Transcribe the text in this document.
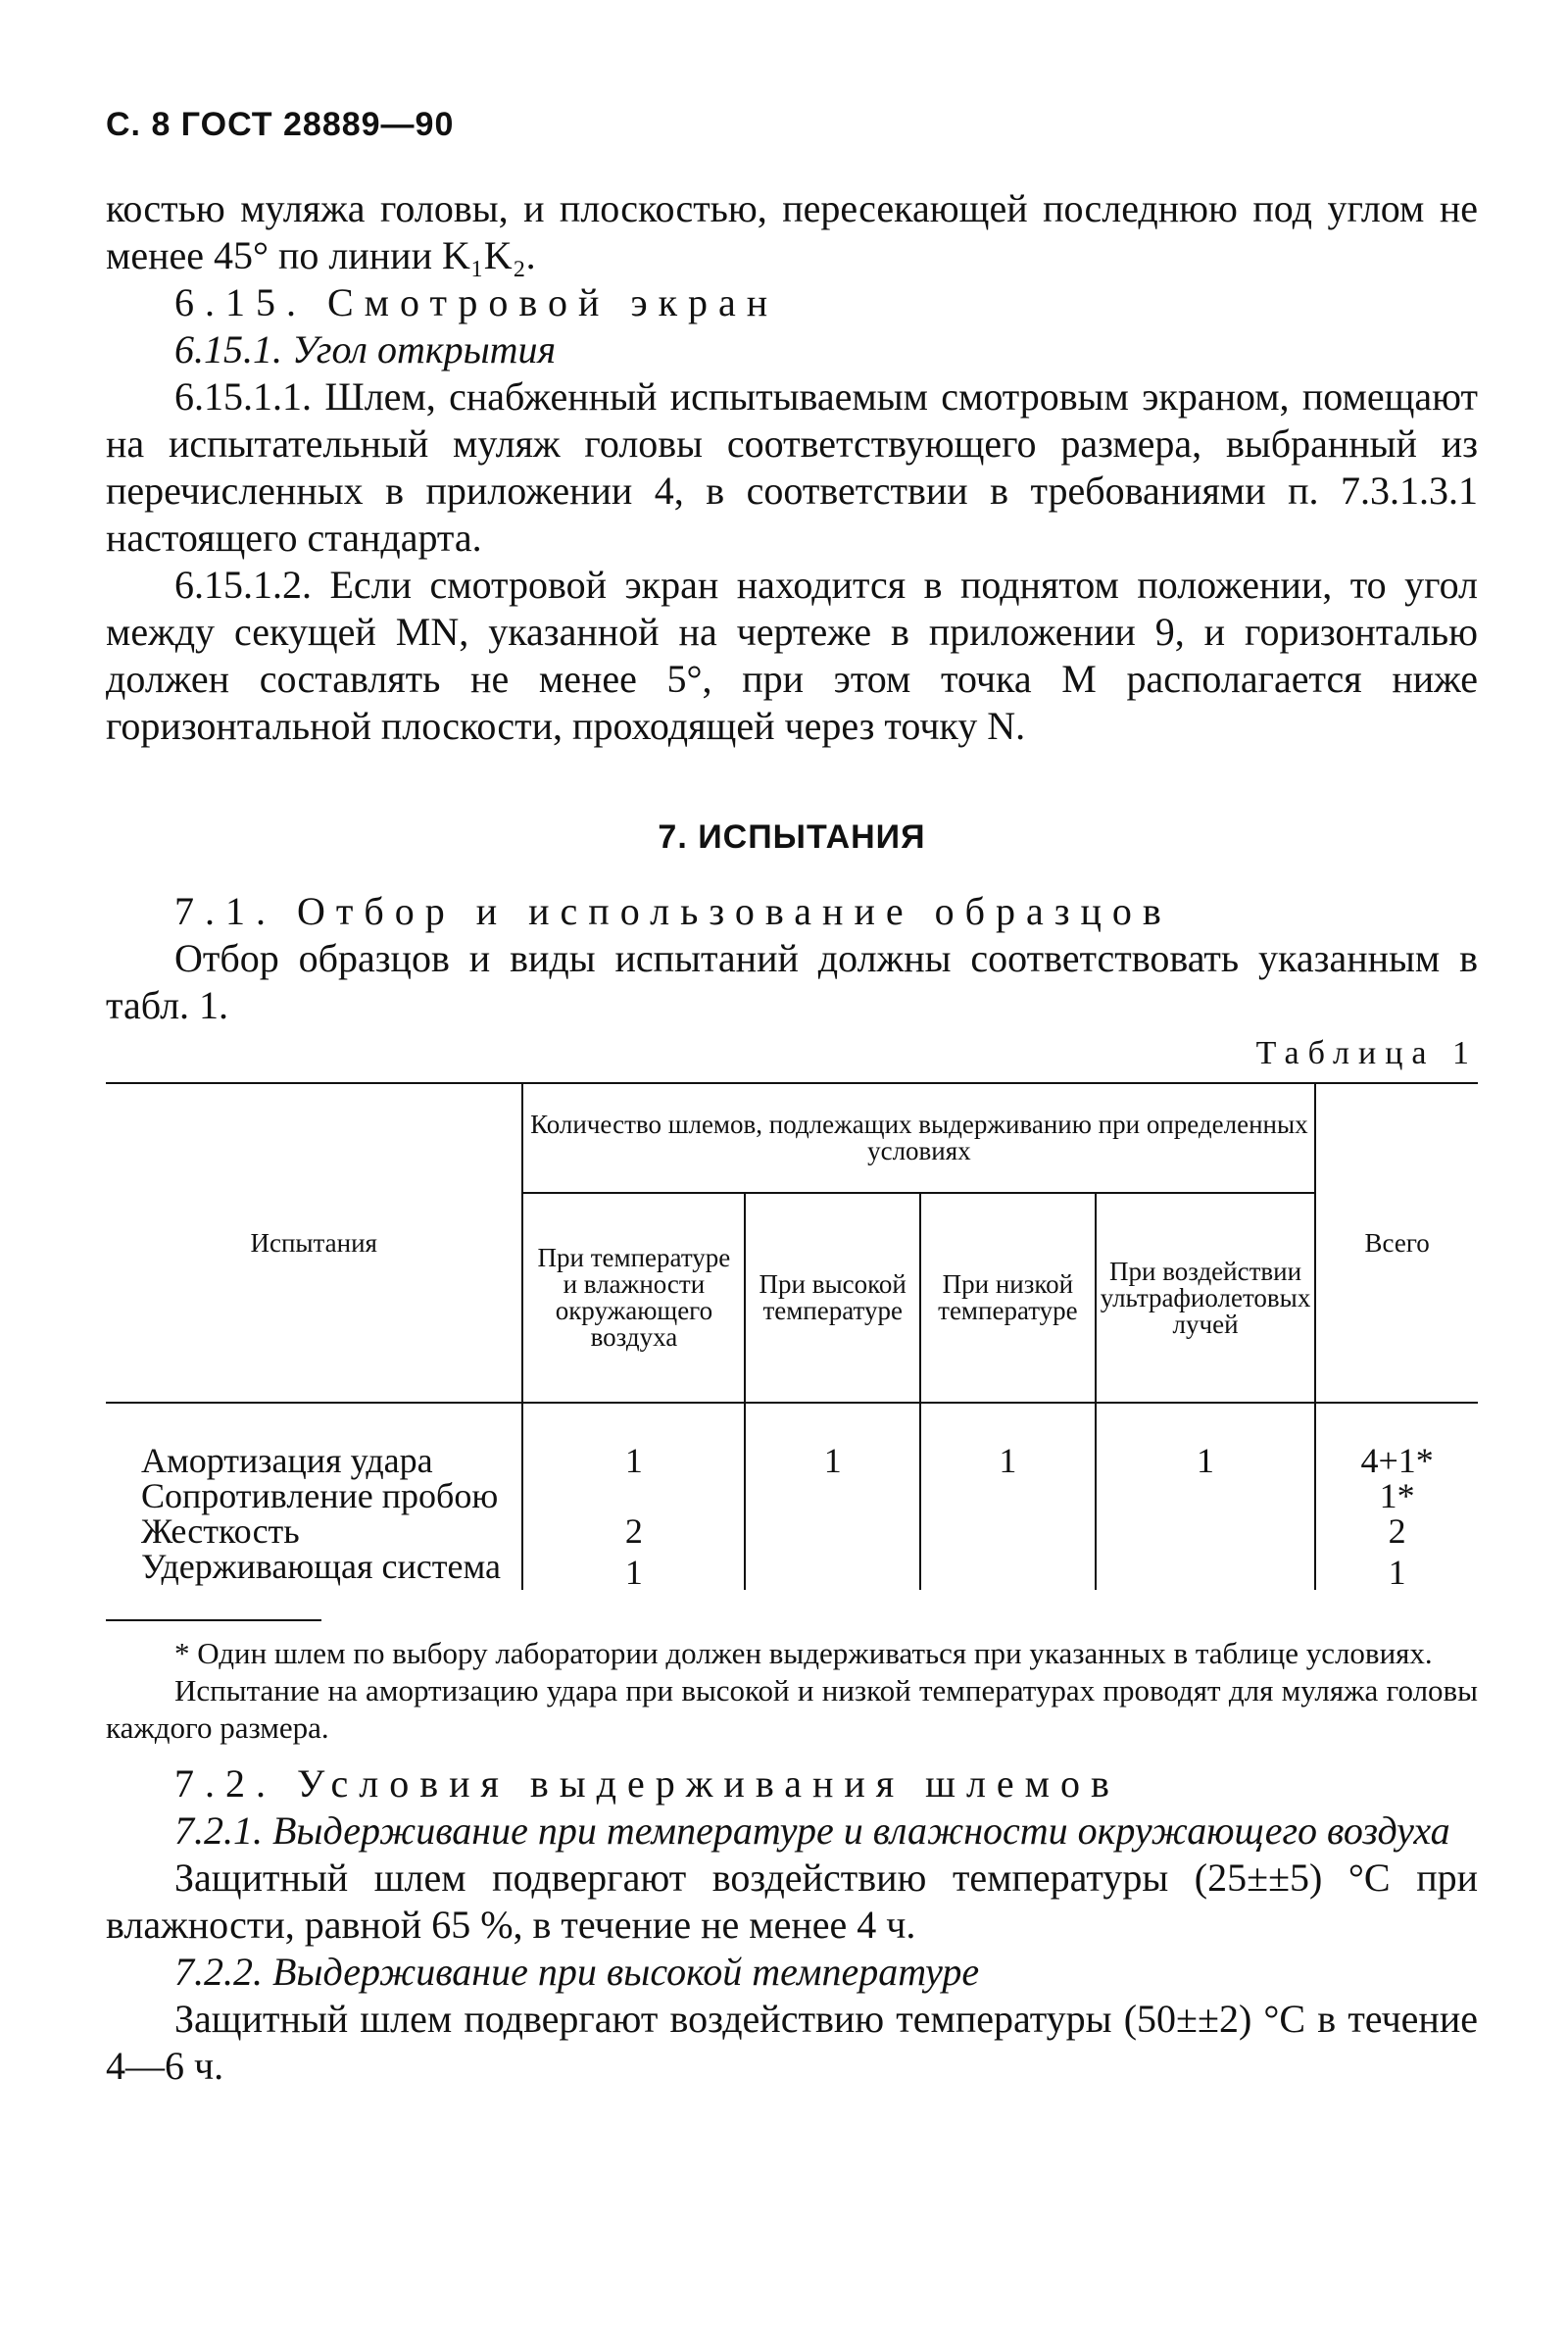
С. 8 ГОСТ 28889—90

костью муляжа головы, и плоскостью, пересекающей последнюю под углом не менее 45° по линии K₁K₂.

6.15. Смотровой экран

6.15.1. Угол открытия

6.15.1.1. Шлем, снабженный испытываемым смотровым экраном, помещают на испытательный муляж головы соответствующего размера, выбранный из перечисленных в приложении 4, в соответствии в требованиями п. 7.3.1.3.1 настоящего стандарта.

6.15.1.2. Если смотровой экран находится в поднятом положении, то угол между секущей MN, указанной на чертеже в приложении 9, и горизонталью должен составлять не менее 5°, при этом точка M располагается ниже горизонтальной плоскости, проходящей через точку N.

7. ИСПЫТАНИЯ

7.1. Отбор и использование образцов

Отбор образцов и виды испытаний должны соответствовать указанным в табл. 1.

Таблица 1
Испытания	Количество шлемов, подлежащих выдерживанию при определенных условиях				Всего
	При температуре и влажности окружающего воздуха	При высокой температуре	При низкой температуре	При воздействии ультрафиолетовых лучей	
Амортизация удара	1	1	1	1	4+1*
Сопротивление пробою					1*
Жесткость	2				2
Удерживающая система	1				1

* Один шлем по выбору лаборатории должен выдерживаться при указанных в таблице условиях.

Испытание на амортизацию удара при высокой и низкой температурах проводят для муляжа головы каждого размера.

7.2. Условия выдерживания шлемов

7.2.1. Выдерживание при температуре и влажности окружающего воздуха

Защитный шлем подвергают воздействию температуры (25±±5) °С при влажности, равной 65 %, в течение не менее 4 ч.

7.2.2. Выдерживание при высокой температуре

Защитный шлем подвергают воздействию температуры (50±±2) °С в течение 4—6 ч.
